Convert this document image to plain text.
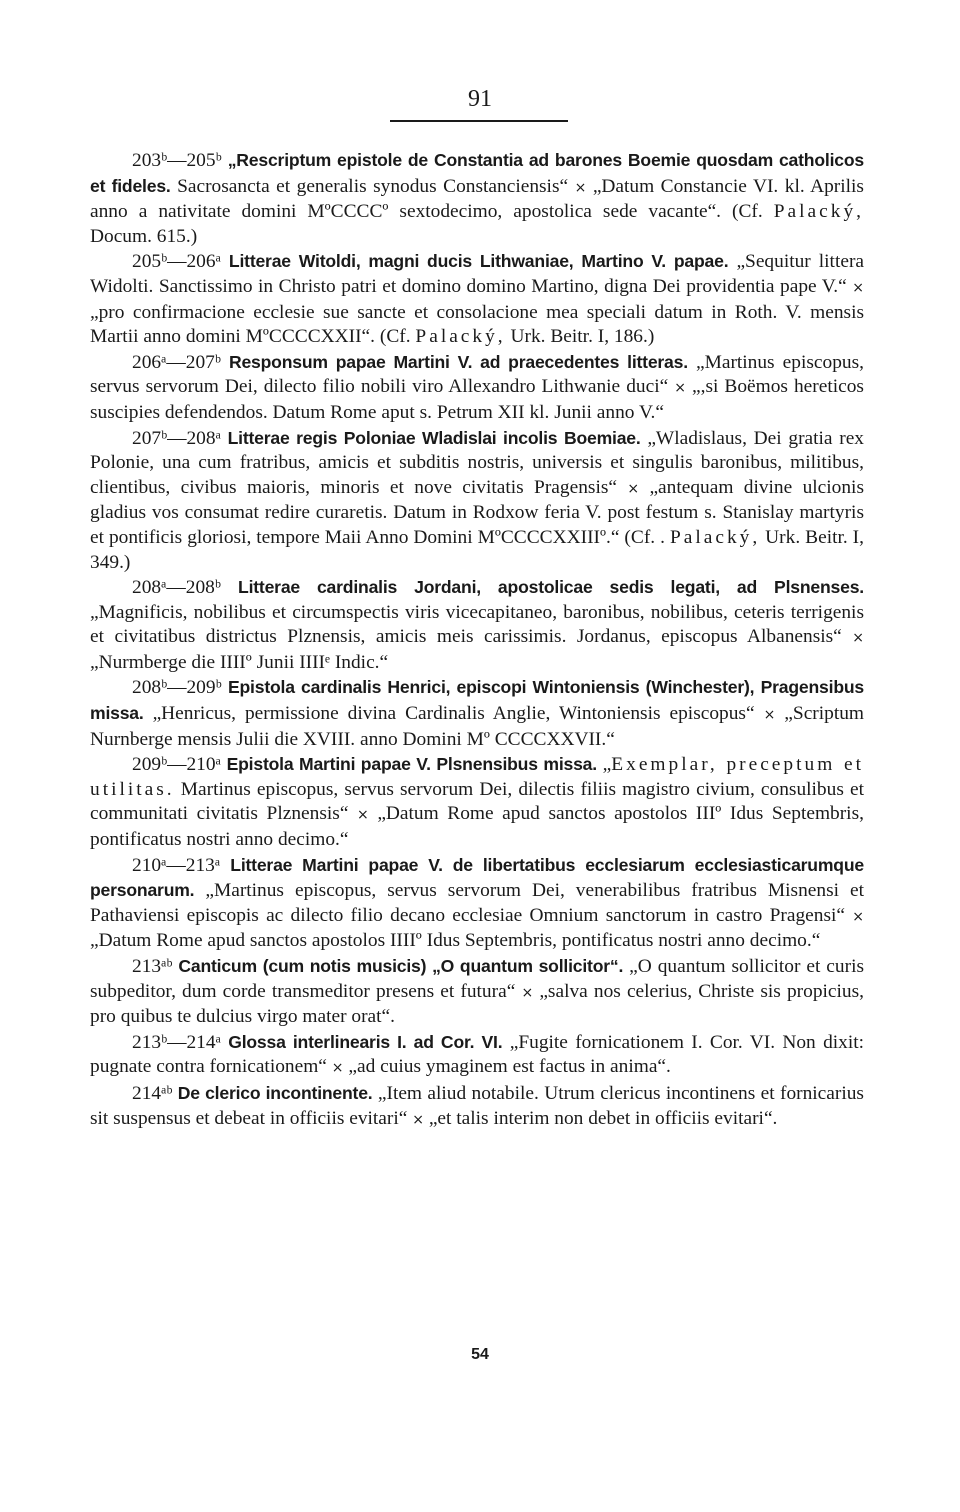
91

203ᵇ—205ᵇ „Rescriptum epistole de Constantia ad barones Boemie quosdam catholicos et fideles. Sacrosancta et generalis synodus Constanciensis“ × „Datum Constancie VI. kl. Aprilis anno a nativitate domini MºCCCCº sextodecimo, apostolica sede vacante“. (Cf. Palacký, Docum. 615.)

205ᵇ—206ᵃ Litterae Witoldi, magni ducis Lithwaniae, Martino V. papae. „Sequitur littera Widolti. Sanctissimo in Christo patri et domino domino Martino, digna Dei providentia pape V.“ × „pro confirmacione ecclesie sue sancte et consolacione mea speciali datum in Roth. V. mensis Martii anno domini MºCCCCXXII“. (Cf. Palacký, Urk. Beitr. I, 186.)

206ᵃ—207ᵇ Responsum papae Martini V. ad praecedentes litteras. „Martinus episcopus, servus servorum Dei, dilecto filio nobili viro Allexandro Lithwanie duci“ × „,si Boëmos hereticos suscipies defendendos. Datum Rome aput s. Petrum XII kl. Junii anno V.“

207ᵇ—208ᵃ Litterae regis Poloniae Wladislai incolis Boemiae. „Wladislaus, Dei gratia rex Polonie, una cum fratribus, amicis et subditis nostris, universis et singulis baronibus, militibus, clientibus, civibus maioris, minoris et nove civitatis Pragensis“ × „antequam divine ulcionis gladius vos consumat redire curaretis. Datum in Rodxow feria V. post festum s. Stanislay martyris et pontificis gloriosi, tempore Maii Anno Domini MºCCCCXXIIIº.“ (Cf. . Palacký, Urk. Beitr. I, 349.)

208ᵃ—208ᵇ Litterae cardinalis Jordani, apostolicae sedis legati, ad Plsnenses. „Magnificis, nobilibus et circumspectis viris vicecapitaneo, baronibus, nobilibus, ceteris terrigenis et civitatibus districtus Plznensis, amicis meis carissimis. Jordanus, episcopus Albanensis“ × „Nurmberge die IIIIº Junii IIIIᵉ Indic.“

208ᵇ—209ᵇ Epistola cardinalis Henrici, episcopi Wintoniensis (Winchester), Pragensibus missa. „Henricus, permissione divina Cardinalis Anglie, Wintoniensis episcopus“ × „Scriptum Nurnberge mensis Julii die XVIII. anno Domini Mº CCCCXXVII.“

209ᵇ—210ᵃ Epistola Martini papae V. Plsnensibus missa. „Exemplar, preceptum et utilitas. Martinus episcopus, servus servorum Dei, dilectis filiis magistro civium, consulibus et communitati civitatis Plznensis“ × „Datum Rome apud sanctos apostolos IIIº Idus Septembris, pontificatus nostri anno decimo.“

210ᵃ—213ᵃ Litterae Martini papae V. de libertatibus ecclesiarum ecclesiasticarumque personarum. „Martinus episcopus, servus servorum Dei, venerabilibus fratribus Misnensi et Pathaviensi episcopis ac dilecto filio decano ecclesiae Omnium sanctorum in castro Pragensi“ × „Datum Rome apud sanctos apostolos IIIIº Idus Septembris, pontificatus nostri anno decimo.“

213ᵃᵇ Canticum (cum notis musicis) „O quantum sollicitor“. „O quantum sollicitor et curis subpeditor, dum corde transmeditor presens et futura“ × „salva nos celerius, Christe sis propicius, pro quibus te dulcius virgo mater orat“.

213ᵇ—214ᵃ Glossa interlinearis I. ad Cor. VI. „Fugite fornicationem I. Cor. VI. Non dixit: pugnate contra fornicationem“ × „ad cuius ymaginem est factus in anima“.

214ᵃᵇ De clerico incontinente. „Item aliud notabile. Utrum clericus incontinens et fornicarius sit suspensus et debeat in officiis evitari“ × „et talis interim non debet in officiis evitari“.

54
